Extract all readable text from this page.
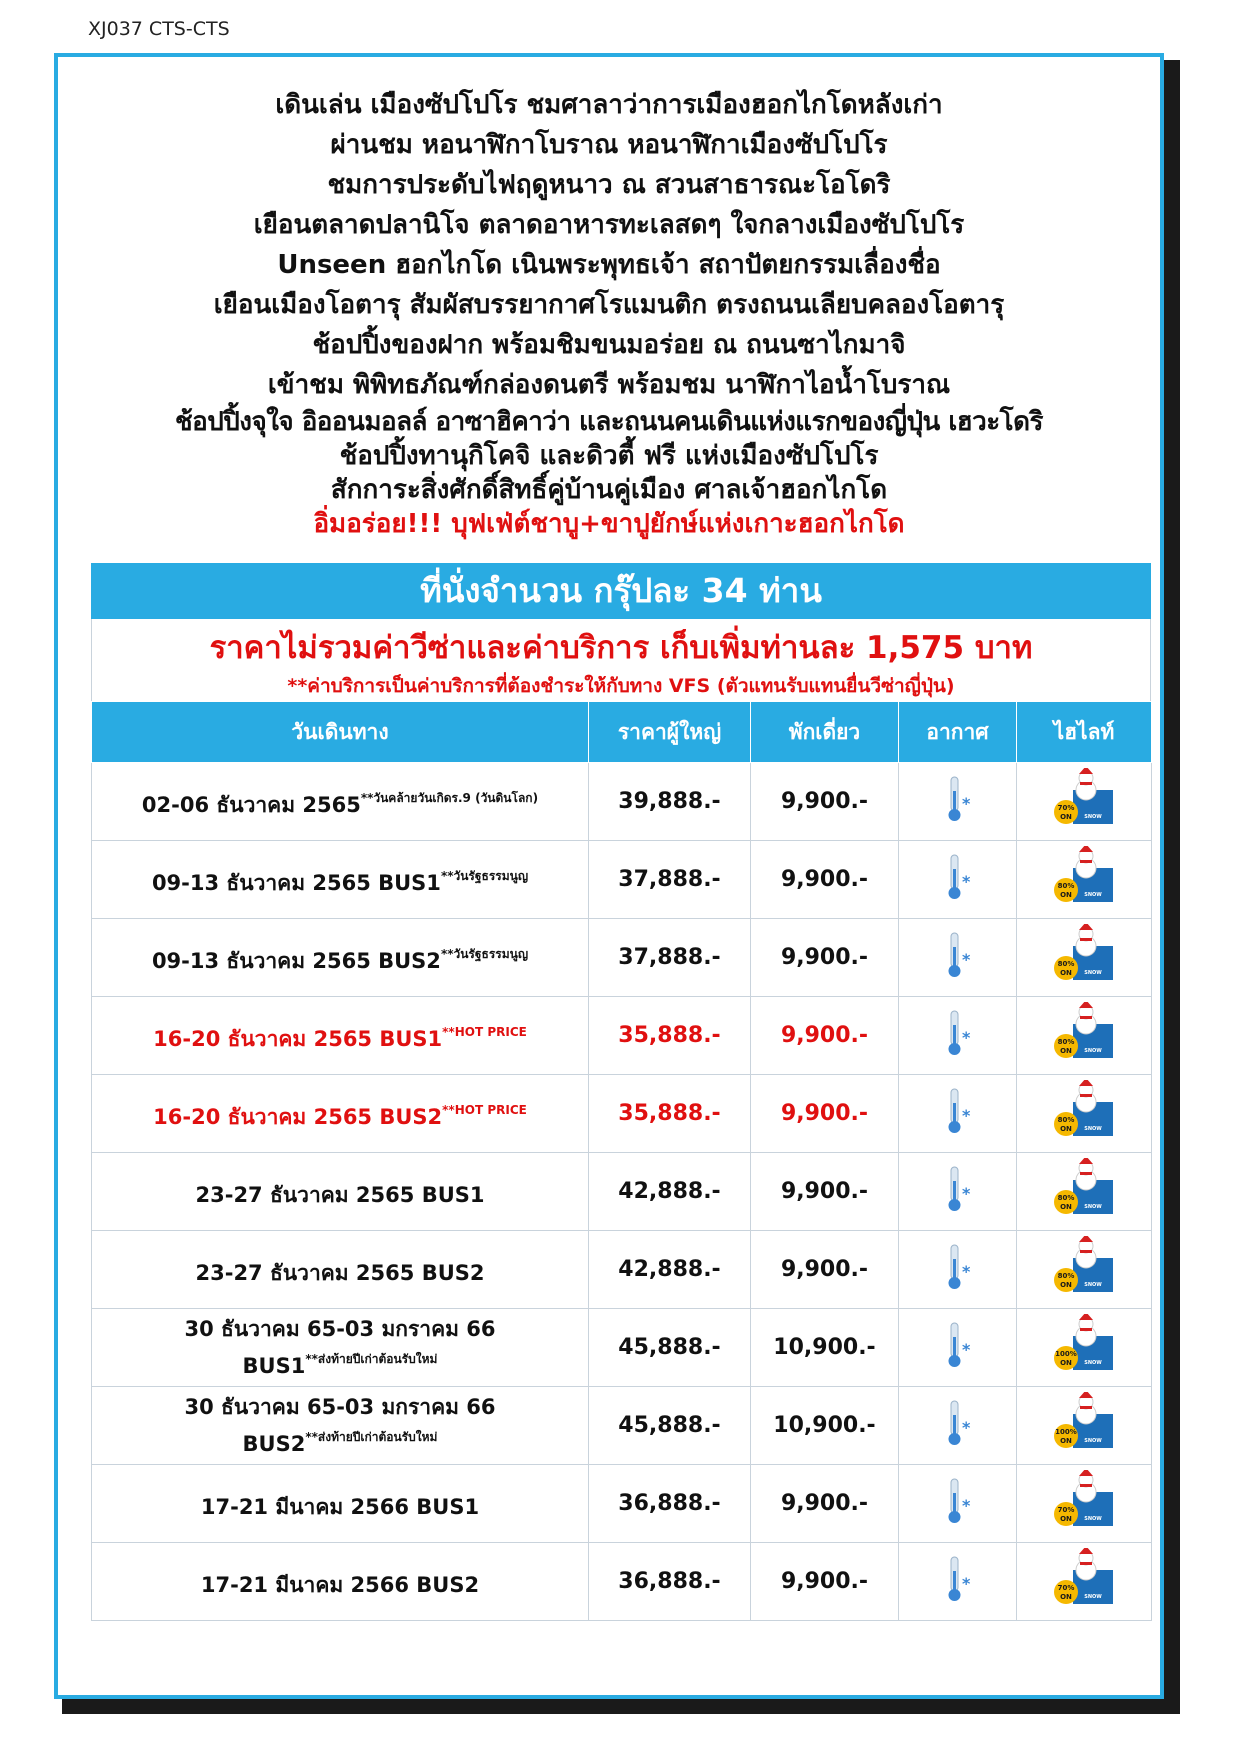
XJ037 CTS-CTS
เดินเล่น เมืองซัปโปโร ชมศาลาว่าการเมืองฮอกไกโดหลังเก่า
ผ่านชม หอนาฬิกาโบราณ หอนาฬิกาเมืองซัปโปโร
ชมการประดับไฟฤดูหนาว ณ สวนสาธารณะโอโดริ
เยือนตลาดปลานิโจ ตลาดอาหารทะเลสดๆ ใจกลางเมืองซัปโปโร
Unseen ฮอกไกโด เนินพระพุทธเจ้า สถาปัตยกรรมเลื่องชื่อ
เยือนเมืองโอตารุ สัมผัสบรรยากาศโรแมนติก ตรงถนนเลียบคลองโอตารุ
ช้อปปิ้งของฝาก พร้อมชิมขนมอร่อย ณ ถนนซาไกมาจิ
เข้าชม พิพิทธภัณฑ์กล่องดนตรี พร้อมชม นาฬิกาไอน้ำโบราณ
ช้อปปิ้งจุใจ อิออนมอลล์ อาซาฮิคาว่า และถนนคนเดินแห่งแรกของญี่ปุ่น เฮวะโดริ
ช้อปปิ้งทานุกิโคจิ และดิวตี้ ฟรี แห่งเมืองซัปโปโร
สักการะสิ่งศักดิ์สิทธิ์คู่บ้านคู่เมือง ศาลเจ้าฮอกไกโด
อิ่มอร่อย!!! บุฟเฟ่ต์ชาบู+ขาปูยักษ์แห่งเกาะฮอกไกโด
ที่นั่งจำนวน กรุ๊ปละ 34 ท่าน
ราคาไม่รวมค่าวีซ่าและค่าบริการ เก็บเพิ่มท่านละ 1,575 บาท
**ค่าบริการเป็นค่าบริการที่ต้องชำระให้กับทาง VFS (ตัวแทนรับแทนยื่นวีซ่าญี่ปุ่น)
วันเดินทาง	ราคาผู้ใหญ่	พักเดี่ยว	อากาศ	ไฮไลท์
02-06 ธันวาคม $2565^{**วันคล้ายวันเกิดร.9 (วันดินโลก)}$	39,888.-	9,900.-	*	70%
ON SNOW

09-13 ธันวาคม 2565 $BUS1^{**วันรัฐธรรมนูญ}$	37,888.-	9,900.-	*	80%
ON SNOW

09-13 ธันวาคม 2565 $BUS2^{**วันรัฐธรรมนูญ}$	37,888.-	9,900.-	*	80%
ON SNOW

16-20 ธันวาคม 2565 $BUS1^{**HOT PRICE}$	35,888.-	9,900.-	*	80%
ON SNOW

16-20 ธันวาคม 2565 $BUS2^{**HOT PRICE}$	35,888.-	9,900.-	*	80%
ON SNOW

23-27 ธันวาคม 2565 BUS1	42,888.-	9,900.-	*	80%
ON SNOW

23-27 ธันวาคม 2565 BUS2	42,888.-	9,900.-	*	80%
ON SNOW

30 ธันวาคม 65-03 มกราคม 66
$BUS1^{**ส่งท้ายปีเก่าต้อนรับใหม่}$	45,888.-	10,900.-	*	100%
ON SNOW

30 ธันวาคม 65-03 มกราคม 66
$BUS2^{**ส่งท้ายปีเก่าต้อนรับใหม่}$	45,888.-	10,900.-	*	100%
ON SNOW

17-21 มีนาคม 2566 BUS1	36,888.-	9,900.-	*	70%
ON SNOW

17-21 มีนาคม 2566 BUS2	36,888.-	9,900.-	*	70%
ON SNOW
